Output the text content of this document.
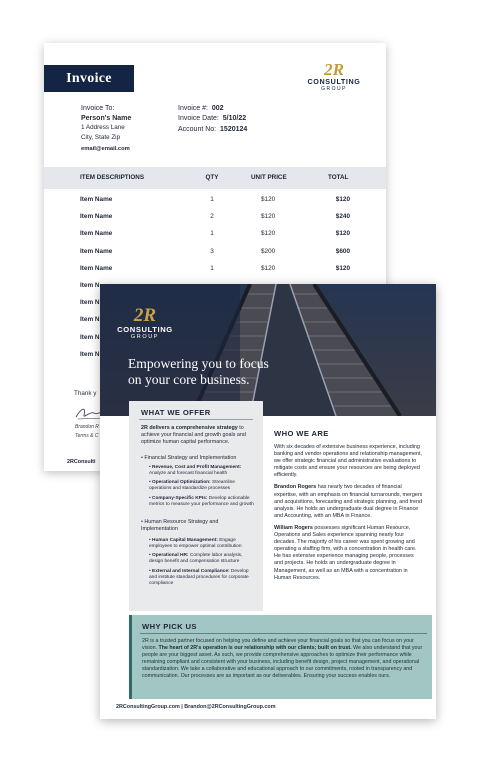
Invoice	2R
CONSULTING
GROUP
Invoice To:
Person's Name
1 Address Lane
City, State Zip
email@email.com
Invoice #: 002
Invoice Date: 5/10/22
Account No: 1520124
ITEM DESCRIPTIONS	QTY	UNIT PRICE	TOTAL
Item Name	1	$120	$120
Item Name	2	$120	$240
Item Name	1	$120	$120
Item Name	3	$200	$600
Item Name	1	$120	$120
Item N
Item N
Item N
Item N
Item N
Thank y
Brandon R
Terms & C
2RConsulti
2R
CONSULTING
GROUP
Empowering you to focus
on your core business.
WHAT WE OFFER
2R delivers a comprehensive strategy to achieve your financial and growth goals and optimize human capital performance.
• Financial Strategy and Implementation
• Revenue, Cost and Profit Management: Analyze and forecast financial health
• Operational Optimization: Streamline operations and standardize processes
• Company-Specific KPIs: Develop actionable metrics to measure your performance and growth
• Human Resource Strategy and Implementation
• Human Capital Management: Engage employees to empower optimal contribution
• Operational HR: Complete labor analysis, design benefit and compensation structure
• External and Internal Compliance: Develop and institute standard procedures for corporate compliance
WHO WE ARE

With six decades of extensive business experience, including banking and vendor operations and relationship management, we offer strategic financial and administrative evaluations to mitigate costs and ensure your resources are being deployed efficiently.

Brandon Rogers has nearly two decades of financial expertise, with an emphasis on financial turnarounds, mergers and acquisitions, forecasting and strategic planning, and trend analysis. He holds an undergraduate dual degree in Finance and Accounting, with an MBA in Finance.

William Rogers possesses significant Human Resource, Operations and Sales experience spanning nearly four decades. The majority of his career was spent growing and operating a staffing firm, with a concentration in health care. He has extensive experience managing people, processes and projects. He holds an undergraduate degree in Management, as well as an MBA with a concentration in Human Resources.

WHY PICK US

2R is a trusted partner focused on helping you define and achieve your financial goals so that you can focus on your vision. The heart of 2R's operation is our relationship with our clients; built on trust. We also understand that your people are your biggest asset. As such, we provide comprehensive approaches to optimize their performance while remaining compliant and consistent with your business, including benefit design, project management, and operational standardization. We take a collaborative and educational approach to our commitments, rooted in transparency and communication. Our processes are as important as our deliverables. Ensuring your success enables ours.

2RConsultingGroup.com | Brandon@2RConsultingGroup.com
